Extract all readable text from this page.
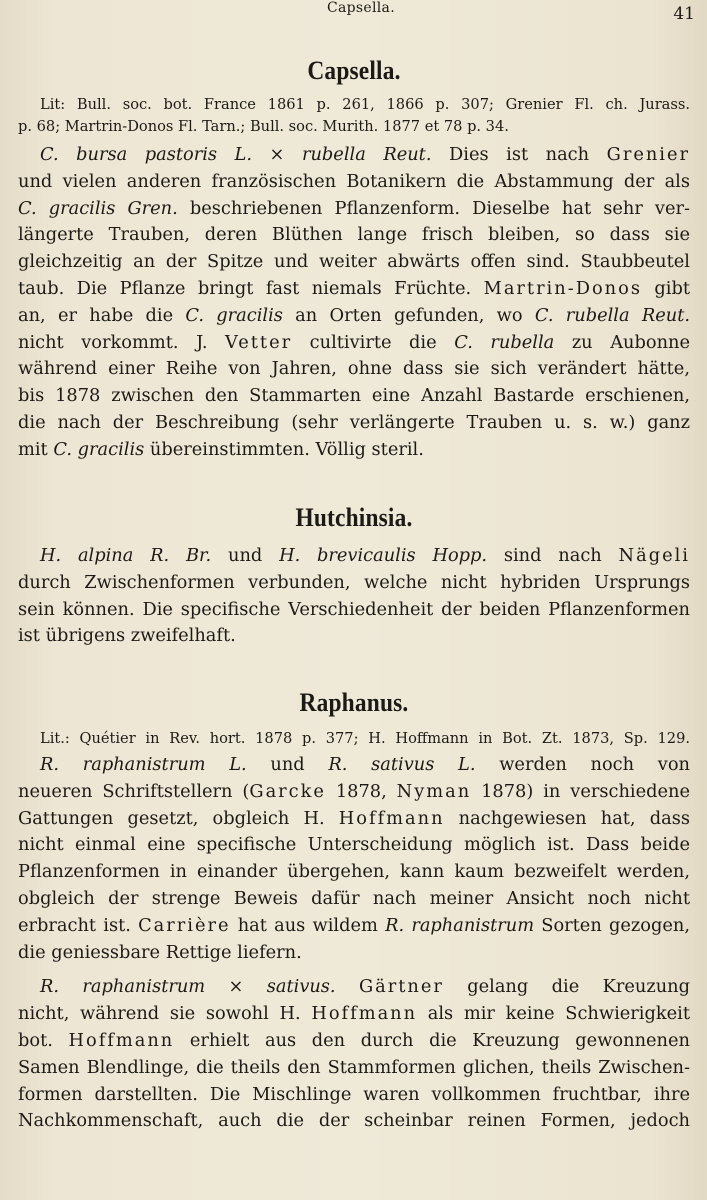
Capsella.	41
Capsella.
Lit: Bull. soc. bot. France 1861 p. 261, 1866 p. 307; Grenier Fl. ch. Jurass.
p. 68; Martrin-Donos Fl. Tarn.; Bull. soc. Murith. 1877 et 78 p. 34.

C. bursa pastoris L. × rubella Reut. Dies ist nach Grenier
und vielen anderen französischen Botanikern die Abstammung der als
C. gracilis Gren. beschriebenen Pflanzenform. Dieselbe hat sehr ver-
längerte Trauben, deren Blüthen lange frisch bleiben, so dass sie
gleichzeitig an der Spitze und weiter abwärts offen sind. Staubbeutel
taub. Die Pflanze bringt fast niemals Früchte. Martrin-Donos gibt
an, er habe die C. gracilis an Orten gefunden, wo C. rubella Reut.
nicht vorkommt. J. Vetter cultivirte die C. rubella zu Aubonne
während einer Reihe von Jahren, ohne dass sie sich verändert hätte,
bis 1878 zwischen den Stammarten eine Anzahl Bastarde erschienen,
die nach der Beschreibung (sehr verlängerte Trauben u. s. w.) ganz
mit C. gracilis übereinstimmten. Völlig steril.

Hutchinsia.

H. alpina R. Br. und H. brevicaulis Hopp. sind nach Nägeli
durch Zwischenformen verbunden, welche nicht hybriden Ursprungs
sein können. Die specifische Verschiedenheit der beiden Pflanzenformen
ist übrigens zweifelhaft.

Raphanus.
Lit.: Quétier in Rev. hort. 1878 p. 377; H. Hoffmann in Bot. Zt. 1873, Sp. 129.

R. raphanistrum L. und R. sativus L. werden noch von
neueren Schriftstellern (Garcke 1878, Nyman 1878) in verschiedene
Gattungen gesetzt, obgleich H. Hoffmann nachgewiesen hat, dass
nicht einmal eine specifische Unterscheidung möglich ist. Dass beide
Pflanzenformen in einander übergehen, kann kaum bezweifelt werden,
obgleich der strenge Beweis dafür nach meiner Ansicht noch nicht
erbracht ist. Carrière hat aus wildem R. raphanistrum Sorten gezogen,
die geniessbare Rettige liefern.

R. raphanistrum × sativus. Gärtner gelang die Kreuzung
nicht, während sie sowohl H. Hoffmann als mir keine Schwierigkeit
bot. Hoffmann erhielt aus den durch die Kreuzung gewonnenen
Samen Blendlinge, die theils den Stammformen glichen, theils Zwischen-
formen darstellten. Die Mischlinge waren vollkommen fruchtbar, ihre
Nachkommenschaft, auch die der scheinbar reinen Formen, jedoch
